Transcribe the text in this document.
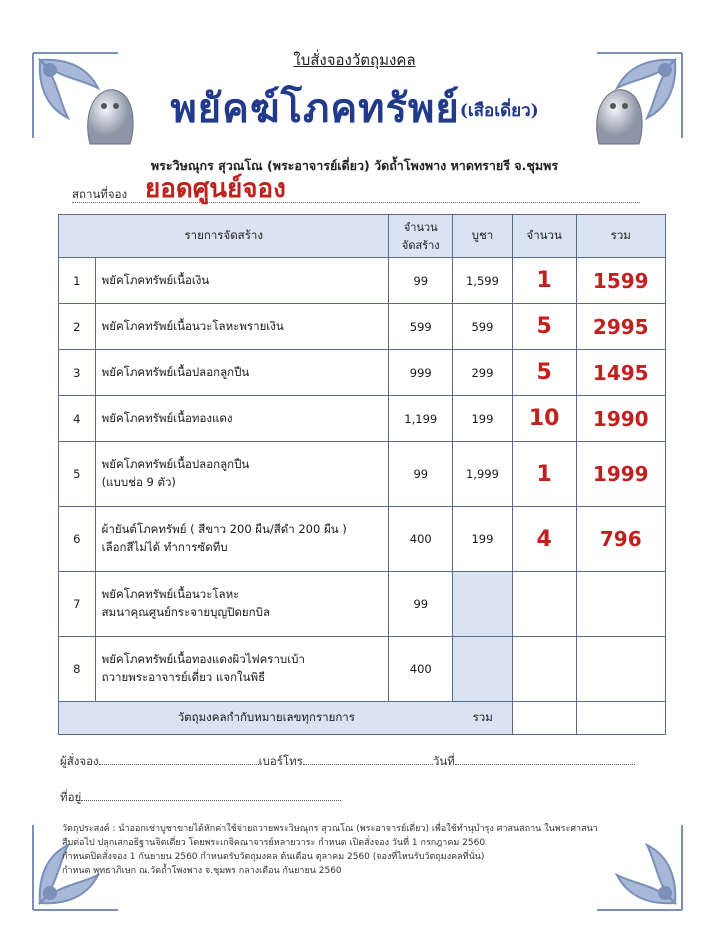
ใบสั่งจองวัตถุมงคล
พยัคฆ์โภคทรัพย์(เสือเดี่ยว)
พระวิษณุกร สุวณโณ (พระอาจารย์เดี่ยว) วัดถ้ำโพงพาง หาดทรายรี จ.ชุมพร
สถานที่จอง ยอดศูนย์จอง
รายการจัดสร้าง		จำนวน
จัดสร้าง	บูชา	จำนวน	รวม
1	พยัคโภคทรัพย์เนื้อเงิน	99	1,599	1	1599
2	พยัคโภคทรัพย์เนื้อนวะโลหะพรายเงิน	599	599	5	2995
3	พยัคโภคทรัพย์เนื้อปลอกลูกปืน	999	299	5	1495
4	พยัคโภคทรัพย์เนื้อทองแดง	1,199	199	10	1990
5	พยัคโภคทรัพย์เนื้อปลอกลูกปืน
(แบบช่อ 9 ตัว)	99	1,999	1	1999
6	ผ้ายันต์โภคทรัพย์ ( สีขาว 200 ผืน/สีดำ 200 ผืน )
เลือกสีไม่ได้ ทำการซัดทีบ	400	199	4	796
7	พยัคโภคทรัพย์เนื้อนวะโลหะ
สมนาคุณศูนย์กระจายบุญปิดยกบิล	99			
8	พยัคโภคทรัพย์เนื้อทองแดงผิวไฟคราบเบ้า
ถวายพระอาจารย์เดี่ยว แจกในพิธี	400			
วัตถุมงคลกำกับหมายเลขทุกรายการ รวม					

ผู้สั่งจอง	เบอร์โทร	วันที่
ที่อยู่
วัตถุประสงค์ : นำออกเช่าบูชาขายได้หักค่าใช้จ่ายถวายพระวิษณุกร สุวณโณ (พระอาจารย์เดี่ยว) เพื่อใช้ทำนุบำรุง ศาสนสถาน ในพระศาสนา
สืบต่อไป ปลุกเสกอธิฐานจิตเดี่ยว โดยพระเกจิคณาจารย์หลายวาระ กำหนด เปิดสั่งจอง วันที่ 1 กรกฎาคม 2560
กำหนดปิดสั่งจอง 1 กันยายน 2560 กำหนดรับวัตถุมงคล ต้นเดือน ตุลาคม 2560 (จองที่ไหนรับวัตถุมงคลที่นั่น)
กำหนด พุทธาภิเษก ณ.วัดถ้ำโพงพาง จ.ชุมพร กลางเดือน กันยายน 2560
